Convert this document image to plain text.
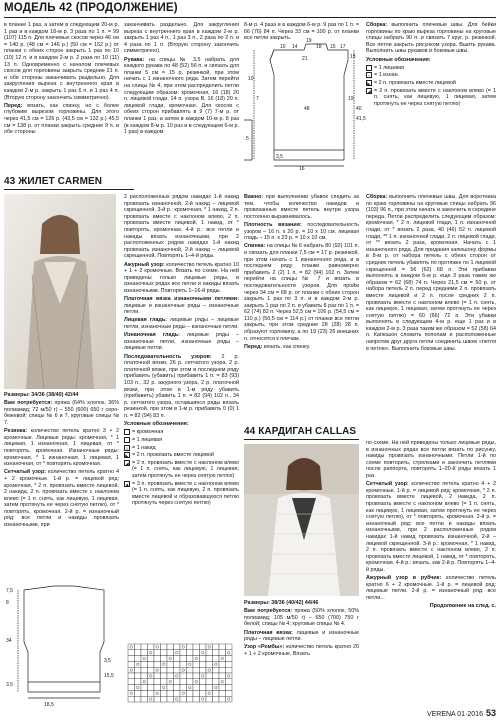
МОДЕЛЬ 42 (ПРОДОЛЖЕНИЕ)

в планке 1 раз, а затем в следующем 20-м р. 1 раз и в каждом 18-м р. 3 раза по 1 п. = 99 (107) 115 п. Для плечевых скосов через 46 см = 140 р. (48 см = 146 р.) (50 см = 152 р.) от планки с обеих сторон закрыть 1 раз по 10 (10) 12 п. и в каждом 2-м р. 2 раза по 10 (11) 13 п. Одновременно с началом плечевых скосов для горловины закрыть средние 21 п. и обе стороны заканчивать раздельно. Для закругления выреза с внутреннего края в каждом 2-м р. закрыть 1 раз 6 п. и 1 раз 4 п. (Вторую сторону закончить симметрично).

Перед: вязать, как спинку, но с более глубоким вырезом горловины. Для этого через 41,5 см = 126 р. (43,5 см = 132 р.) 45,5 см = 138 р. от планки закрыть средние 9 п. и обе стороны

заканчивать раздельно. Для закругления выреза с внутреннего края в каждом 2-м р. закрыть 1 раз 4 п., 1 раз 3 п., 2 раза по 2 п. и 4 раза по 1 п. (Вторую сторону закончить симметрично).

Рукава: на спицы № 3,5 набрать для каждого рукава по 48 (52) 56 п. и связать для планки 5 см = 15 р. резинкой, при этом начать с 1 изнаночного ряда. Затем перейти на спицы № 4, при этом распределить петли следующим образом: кромочная, 16 (18) 20 п. лицевой глади, 14 п. узора В, 16 (18) 20 п. лицевой глади, кромочная. Для скосов с обеих сторон прибавлять в 9 (7) 7-м р. от планки 1 раз, а затем в каждом 10-м р. 8 раз (в каждом 8-м р. 10 раз и в следующем 6-м р. 1 раз) в каждом

8-м р. 4 раза и в каждом 6-м р. 9 раз по 1 п. = 66 (76) 84 п. Через 33 см = 100 р. от планки все петли закрыть.

10 14
19
18 15 17
19
10
21
7	19
5
40
41,5
48
3,5
16

Сборка: выполнить плечевые швы. Для бейки горловины по краю выреза горловины на круговые спицы набрать 90 п. и связать 7 круг. р. резинкой. Все петли закрыть рисунком узора. Вшить рукава. Выполнить швы рукавов и боковые швы.

Условные обозначения:

= 1 лицевая
– = 1 изнан.
◣ = 2 п. провязать вместе лицевой
◢ = 2 п. провязать вместе с наклоном влево (= 1 п. снять, как лицевую, 1 лицевая, затем протянуть ее через снятую петлю)
43 ЖИЛЕТ CARMEN

Размеры: 34/36 (38/40) 42/44

Вам потребуется: пряжа (64% хлопок, 36% полиамид; 72 м/50 г) – 550 (600) 650 г серо-бежевой; спицы № 6 и 7, круговые спицы № 7.

Резинка: количество петель кратно 3 + 2 кромочные. Лицевые ряды: кромочная, * 1 лицевая, 1 изнаночная, 1 лицевая, от * повторять, кромочная. Изнаночные ряды: кромочная, * 1 изнаночная, 1 лицевая, 1 изнаночная, от * повторять кромочная.

Сетчатый узор: количество петель кратно 4 + 2 кромочные. 1-й р. = лицевой ряд: кромочная, * 2 п. провязать вместе лицевой, 2 накида, 2 п. провязать вместе с наклоном влево (= 1 п. снять, как лицевую, 1 лицевая, затем протянуть ее через снятую петлю), от * повторять, кромочная. 2-й р. = изнаночный ряд: все петли и накиды провязать изнаночными, при

7,5
8
34
3,5
15,5
3,5
18,5

2 расположенных рядом накидах 1-й накид провязать изнаночной, 2-й накид – лицевой скрещенной. 3-й р.: кромочная, * 1 накид, 2 п. провязать вместе с наклоном влево, 2 п. провязать вместе лицевой, 1 накид, от * повторять, кромочная. 4-й р.: все петли и накиды вязать изнаночными, при 2 расположенных рядом накидах 1-й накид провязать изнаночной, 2-й накид – лицевой скрещенной. Повторять 1–4-й ряды.

Ажурный узор: количество петель кратно 10 + 1 + 2 кромочные. Вязать по схеме. На ней приведены только лицевые ряды, в изнаночных рядах все петли и накиды вязать изнаночными. Повторять 1–16-й ряды.

Платочная вязка изнаночными петлями: лицевые и изнаночные ряды – изнаночные петли.

Лицевая гладь: лицевые ряды – лицевые петли, изнаночные ряды – изнаночные петли.

Изнаночная гладь: лицевые ряды – изнаночные петли, изнаночные ряды – лицевые петли.

Последовательность узоров: 2 р. платочной вязки, 26 р. сетчатого узора, 2 р. платочной вязки, при этом в последнем ряду прибавить (убавить) прибавить 1 п. = 83 (93) 103 п., 32 р. ажурного узора, 2 р. платочной вязки, при этом в 1-м ряду убавить (прибавить) убавить 1 п. = 82 (94) 102 п., 34 р. сетчатого узора, оставшиеся ряды вязать резинкой, при этом в 1-м р. прибавить 0 (0) 1 п. = 82 (94) 83 п.

Условные обозначения:

= кромочная
= 1 лицевая
○ = 1 накид
◣ = 2 п. провязать вместе лицевой
◢ = 2 п. провязать вместе с наклоном влево (= 1 п. снять, как лицевую, 1 лицевая, затем протянуть ее через снятую петлю)
▲ = 3 п. провязать вместе с наклоном влево (= 1 п. снять, как лицевую, 2 п. провязать вместе лицевой и образовавшуюся петлю протянуть через снятую петлю)

Важно: при выполнении убавок следить за тем, чтобы количество накидов и провязанных вместе петель внутри узора постоянно выравнивалось.

Плотность вязания: последовательность узоров – 16 п. х 20 р. = 10 х 10 см, лицевая гладь – 15 п. х 23 р. = 10 х 10 см.

Спинка: на спицы № 6 набрать 80 (92) 101 п. и связать для планки 7,5 см = 17 р. резинкой, при этом начать с 1 изнаночного ряда, и в последнем ряду планки равномерно прибавить 2 (2) 1 п. = 82 (94) 102 п. Затем перейти на спицы № 7 и вязать в последовательности узоров. Для пройм через 34 см = 68 р. от планки с обеих сторон закрыть 1 раз по 3 п. и в каждом 2-м р. закрыть 1 раз по 2 п. и убавить 8 раз по 1 п. = 62 (74) 82 п. Через 52,5 см = 106 р. (54,5 см = 110 р.) (56,5 см = 114 р.) от планки все петли закрыть, при этом средние 28 (28) 28 п. образуют горловину, а по 19 (23) 26 внешних п. относятся к плечам.

Перед: вязать, как спинку.

Сборка: выполнить плечевые швы. Для воротника по краю горловины на круговые спицы набрать 96 (103) 96 п., при этом начать и закончить в середине переда. Петли распределить следующим образом: кромочная, * 2 п. лицевой глади, 1 п. изнаночной глади, от * вязать 2 раза, 40 (46) 52 п. лицевой глади, ** 1 п. изнаночной глади, 2 п. лицевой глади, от ** вязать 2 раза, кромочная. Начать с 1 изнаночного ряда. Для придания капюшону формы в 8-м р. от набора петель с обеих сторон от средних петель убавлять по протяжке по 1 лицевой скрещенной = 56 (62) 68 п. Эти прибавки выполнять в каждом 6-м р. еще 3 раза таким же образом = 62 (68) 74 п. Через 21,5 см = 50 р. от набора петель 2 п. перед средними 2 п. провязать вместе лицевой и 2 п. после средних 2 п. провязать вместе с наклоном влево (= 1 п. снять, как лицевую, 1 лицевая, затем протянуть ее через снятую петлю) = 60 (66) 72 п. Эти убавки выполнять в следующем 4-м р. еще 1 раз и в каждом 2-м р. 3 раза таким же образом = 52 (58) 64 п. Капюшон сложить пополам и расположенные напротив друг друга петли соединить швом «петля в петлю». Выполнить боковые швы.

44 КАРДИГАН CALLAS

Размеры: 38/36 (40/42) 44/46

Вам потребуется: пряжа (50% хлопок, 50% полиамид; 105 м/50 г) – 650 (700) 750 г белой; спицы № 4; круговые спицы № 4.

Платочная вязка: лицевые и изнаночные ряды – лицевые петли.

Узор «Ромбы»: количество петель кратно 20 + 1 + 2 кромочные. Вязать

по схеме. На ней приведены только лицевые ряды, в изнаночных рядах все петли вязать по рисунку, накиды провязать изнаночными. Петли 1-й по схеме повторить, стрелками и закончить петлями после раппорта, повторять 1–20-й ряды вязать 1 раз.

Сетчатый узор: количество петель кратно 4 + 2 кромочные. 1-й р. = лицевой ряд: кромочная, * 2 п. провязать вместе лицевой, 2 накида, 2 п. провязать вместе с наклоном влево (= 1 п. снять, как лицевую, 1 лицевая, затем протянуть ее через снятую петлю), от * повторять, кромочная. 2-й р. = изнаночный ряд: все петли и накиды вязать изнаночными, при 2 расположенных рядом накидах 1-й накид провязать изнаночной, 2-й – лицевой скрещенной. 3-й р.: кромочная, * 1 накид, 2 п. провязать вместе с наклоном влево, 2 п. провязать вместе лицевой, 1 накид, от * повторять, кромочная. 4-й р.: вязать, как 2-й р. Повторять 1–4-й ряды.

Ажурный узор в рубчик: количество петель кратно 6 + 2 кромочные. 1-й р. = лицевой ряд: лицевые петли. 2-й р. = изнаночный ряд: все петли...

Продолжение на след. с.

VERENA 01·2016 53
